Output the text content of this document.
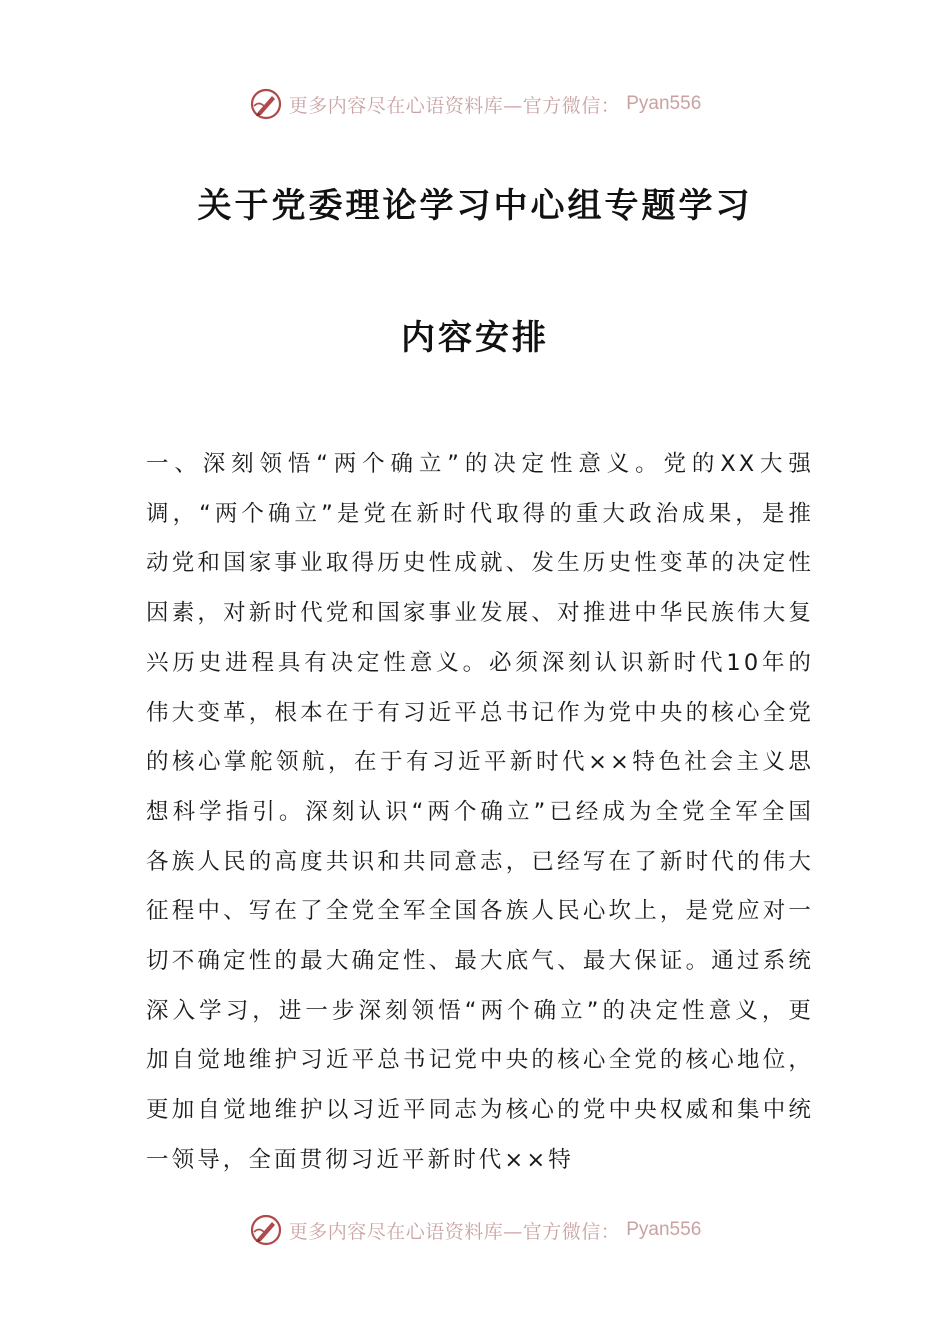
更多内容尽在心语资料库—官方微信： Pyan556
关于党委理论学习中心组专题学习
内容安排
一、深刻领悟“两个确立”的决定性意义。党的XX大强调，“两个确立”是党在新时代取得的重大政治成果，是推动党和国家事业取得历史性成就、发生历史性变革的决定性因素，对新时代党和国家事业发展、对推进中华民族伟大复兴历史进程具有决定性意义。必须深刻认识新时代10年的伟大变革，根本在于有习近平总书记作为党中央的核心全党的核心掌舵领航，在于有习近平新时代××特色社会主义思想科学指引。深刻认识“两个确立”已经成为全党全军全国各族人民的高度共识和共同意志，已经写在了新时代的伟大征程中、写在了全党全军全国各族人民心坎上，是党应对一切不确定性的最大确定性、最大底气、最大保证。通过系统深入学习，进一步深刻领悟“两个确立”的决定性意义，更加自觉地维护习近平总书记党中央的核心全党的核心地位，更加自觉地维护以习近平同志为核心的党中央权威和集中统一领导，全面贯彻习近平新时代××特
更多内容尽在心语资料库—官方微信： Pyan556
